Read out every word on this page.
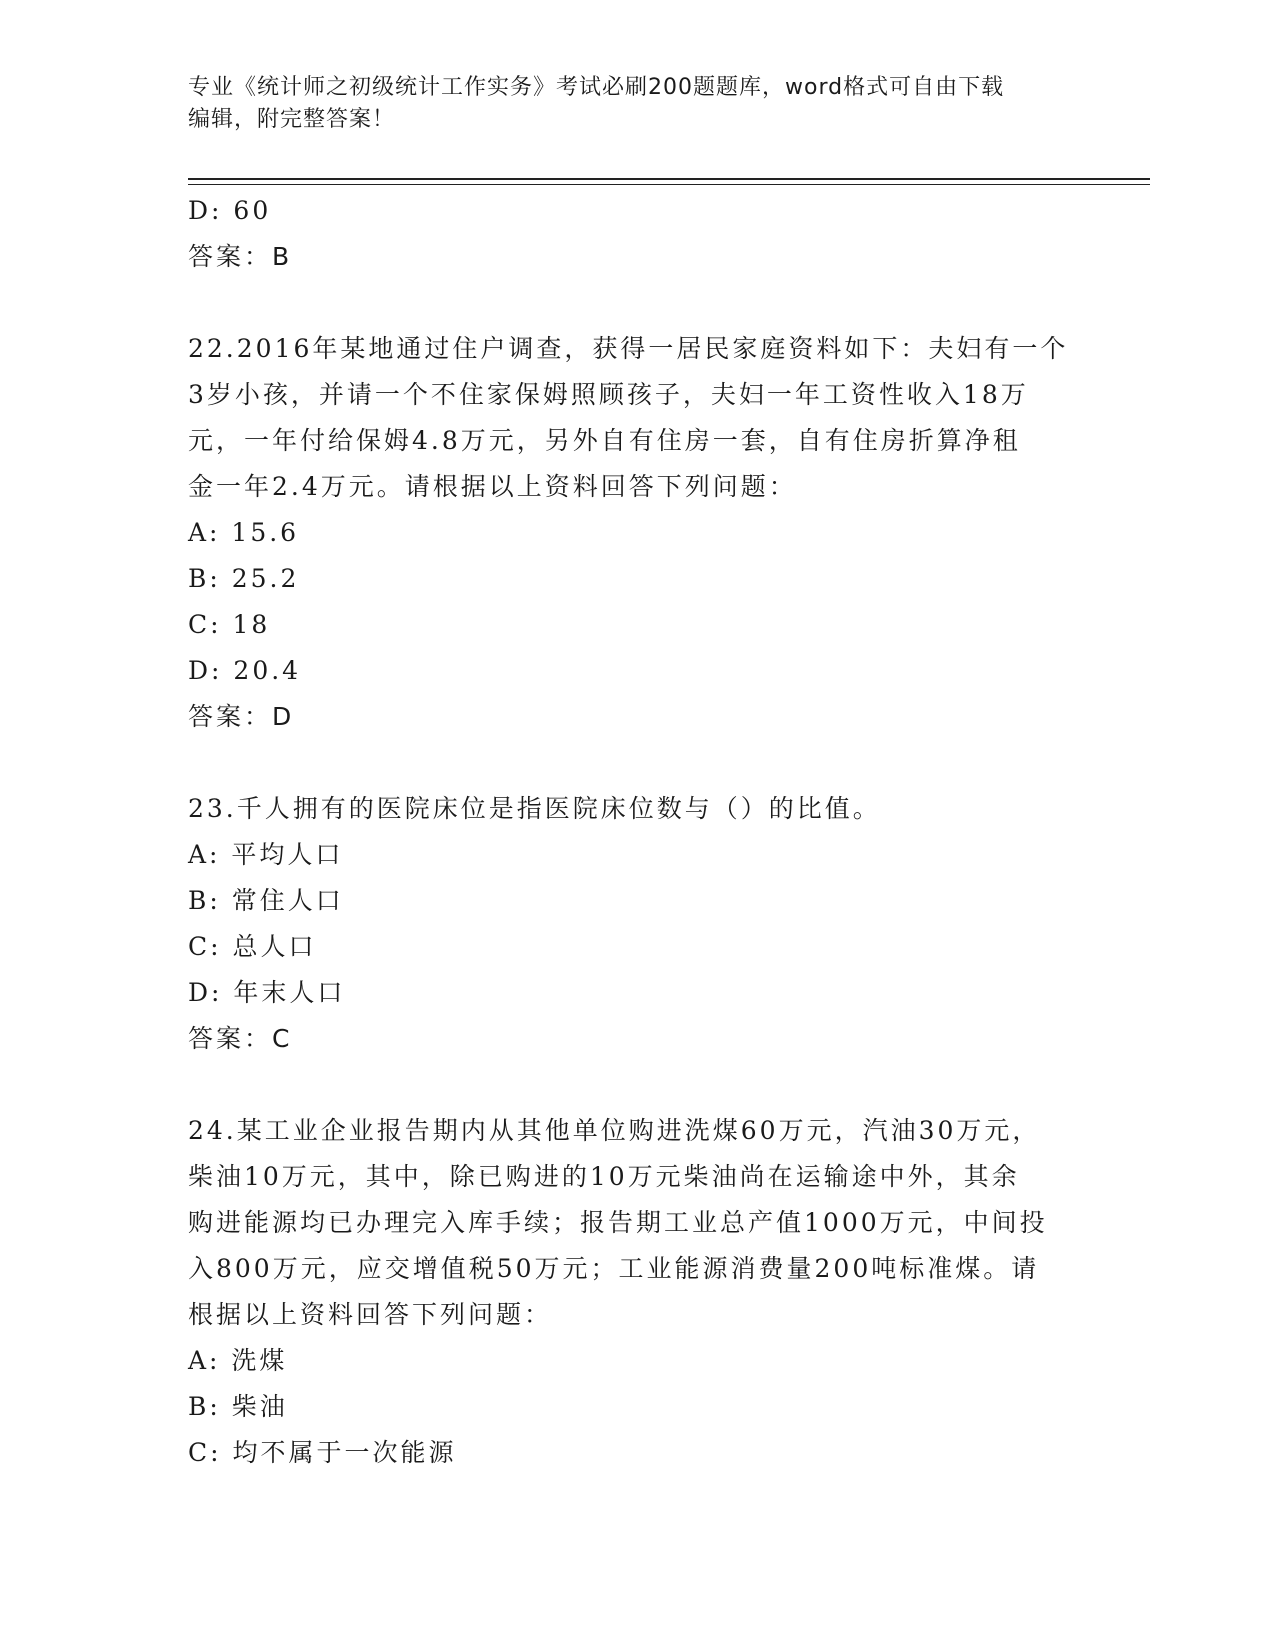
专业《统计师之初级统计工作实务》考试必刷200题题库，word格式可自由下载
编辑，附完整答案！
D: 60
答案：B
22.2016年某地通过住户调查，获得一居民家庭资料如下：夫妇有一个
3岁小孩，并请一个不住家保姆照顾孩子，夫妇一年工资性收入18万
元，一年付给保姆4.8万元，另外自有住房一套，自有住房折算净租
金一年2.4万元。请根据以上资料回答下列问题：
A: 15.6
B: 25.2
C: 18
D: 20.4
答案：D
23.千人拥有的医院床位是指医院床位数与（）的比值。
A: 平均人口
B: 常住人口
C: 总人口
D: 年末人口
答案：C
24.某工业企业报告期内从其他单位购进洗煤60万元，汽油30万元，
柴油10万元，其中，除已购进的10万元柴油尚在运输途中外，其余
购进能源均已办理完入库手续；报告期工业总产值1000万元，中间投
入800万元，应交增值税50万元；工业能源消费量200吨标准煤。请
根据以上资料回答下列问题：
A: 洗煤
B: 柴油
C: 均不属于一次能源
